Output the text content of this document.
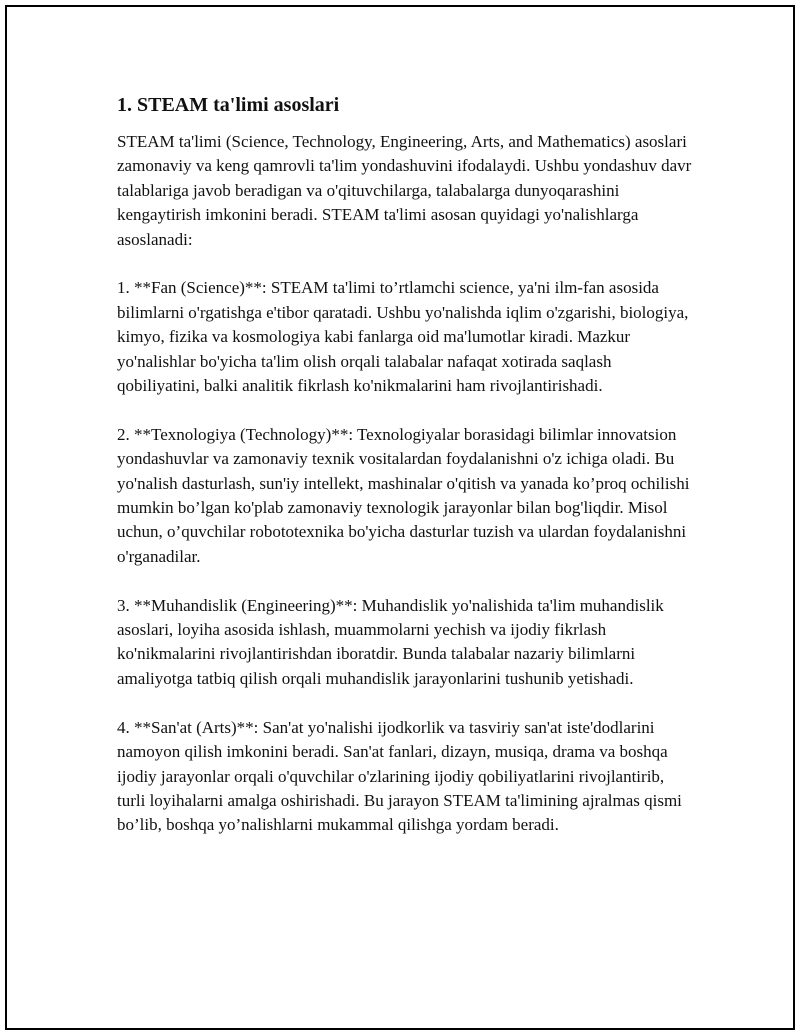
1. STEAM ta'limi asoslari

STEAM ta'limi (Science, Technology, Engineering, Arts, and Mathematics) asoslari zamonaviy va keng qamrovli ta'lim yondashuvini ifodalaydi. Ushbu yondashuv davr talablariga javob beradigan va o'qituvchilarga, talabalarga dunyoqarashini kengaytirish imkonini beradi. STEAM ta'limi asosan quyidagi yo'nalishlarga asoslanadi:

1. **Fan (Science)**: STEAM ta'limi to’rtlamchi science, ya'ni ilm-fan asosida bilimlarni o'rgatishga e'tibor qaratadi. Ushbu yo'nalishda iqlim o'zgarishi, biologiya, kimyo, fizika va kosmologiya kabi fanlarga oid ma'lumotlar kiradi. Mazkur yo'nalishlar bo'yicha ta'lim olish orqali talabalar nafaqat xotirada saqlash qobiliyatini, balki analitik fikrlash ko'nikmalarini ham rivojlantirishadi.

2. **Texnologiya (Technology)**: Texnologiyalar borasidagi bilimlar innovatsion yondashuvlar va zamonaviy texnik vositalardan foydalanishni o'z ichiga oladi. Bu yo'nalish dasturlash, sun'iy intellekt, mashinalar o'qitish va yanada ko’proq ochilishi mumkin bo’lgan ko'plab zamonaviy texnologik jarayonlar bilan bog'liqdir. Misol uchun, o’quvchilar robototexnika bo'yicha dasturlar tuzish va ulardan foydalanishni o'rganadilar.

3. **Muhandislik (Engineering)**: Muhandislik yo'nalishida ta'lim muhandislik asoslari, loyiha asosida ishlash, muammolarni yechish va ijodiy fikrlash ko'nikmalarini rivojlantirishdan iboratdir. Bunda talabalar nazariy bilimlarni amaliyotga tatbiq qilish orqali muhandislik jarayonlarini tushunib yetishadi.

4. **San'at (Arts)**: San'at yo'nalishi ijodkorlik va tasviriy san'at iste'dodlarini namoyon qilish imkonini beradi. San'at fanlari, dizayn, musiqa, drama va boshqa ijodiy jarayonlar orqali o'quvchilar o'zlarining ijodiy qobiliyatlarini rivojlantirib, turli loyihalarni amalga oshirishadi. Bu jarayon STEAM ta'limining ajralmas qismi bo’lib, boshqa yo’nalishlarni mukammal qilishga yordam beradi.
